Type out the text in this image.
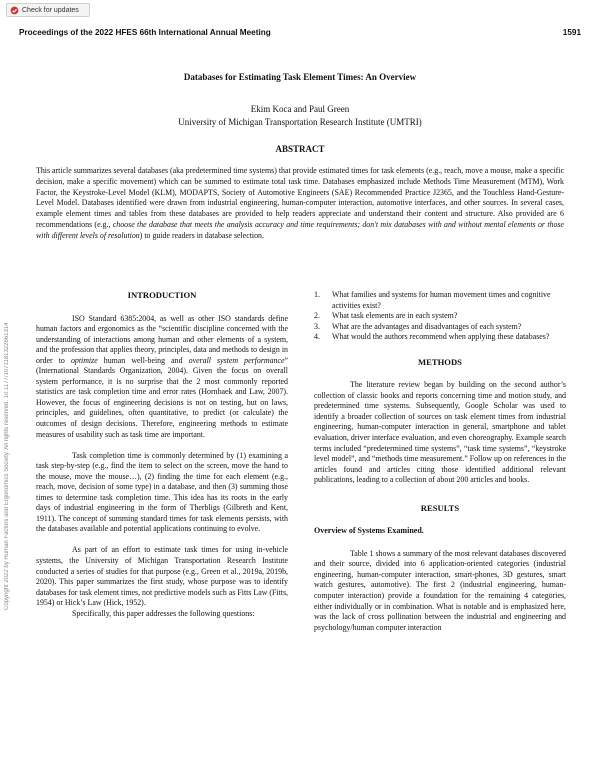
Check for updates
Proceedings of the 2022 HFES 66th International Annual Meeting	1591
Copyright 2022 by Human Factors and Ergonomics Society. All rights reserved. 10.1177/1071181322661314
Databases for Estimating Task Element Times: An Overview
Ekim Koca and Paul Green
University of Michigan Transportation Research Institute (UMTRI)
ABSTRACT
This article summarizes several databases (aka predetermined time systems) that provide estimated times for task elements (e.g., reach, move a mouse, make a specific decision, make a specific movement) which can be summed to estimate total task time. Databases emphasized include Methods Time Measurement (MTM), Work Factor, the Keystroke-Level Model (KLM), MODAPTS, Society of Automotive Engineers (SAE) Recommended Practice J2365, and the Touchless Hand-Gesture-Level Model. Databases identified were drawn from industrial engineering, human-computer interaction, automotive interfaces, and other sources. In several cases, example element times and tables from these databases are provided to help readers appreciate and understand their content and structure. Also provided are 6 recommendations (e.g., choose the database that meets the analysis accuracy and time requirements; don't mix databases with and without mental elements or those with different levels of resolution) to guide readers in database selection.
INTRODUCTION

ISO Standard 6385:2004, as well as other ISO standards define human factors and ergonomics as the “scientific discipline concerned with the understanding of interactions among human and other elements of a system, and the profession that applies theory, principles, data and methods to design in order to optimize human well-being and overall system performance” (International Standards Organization, 2004). Given the focus on overall system performance, it is no surprise that the 2 most commonly reported statistics are task completion time and error rates (Hornbaek and Law, 2007). However, the focus of engineering decisions is not on testing, but on laws, principles, and guidelines, often quantitative, to predict (or calculate) the outcomes of design decisions. Therefore, engineering methods to estimate measures of usability such as task time are important.

Task completion time is commonly determined by (1) examining a task step-by-step (e.g., find the item to select on the screen, move the hand to the mouse, move the mouse…), (2) finding the time for each element (e.g., reach, move, decision of some type) in a database, and then (3) summing those times to determine task completion time. This idea has its roots in the early days of industrial engineering in the form of Therbligs (Gilbreth and Kent, 1911). The concept of summing standard times for task elements persists, with the databases available and potential applications continuing to evolve.

As part of an effort to estimate task times for using in-vehicle systems, the University of Michigan Transportation Research Institute conducted a series of studies for that purpose (e.g., Green et al., 2019a, 2019b, 2020). This paper summarizes the first study, whose purpose was to identify databases for task element times, not predictive models such as Fitts Law (Fitts, 1954) or Hick’s Law (Hick, 1952).

Specifically, this paper addresses the following questions:

1.	What families and systems for human movement times and cognitive activities exist?
2.	What task elements are in each system?
3.	What are the advantages and disadvantages of each system?
4.	What would the authors recommend when applying these databases?
METHODS

The literature review began by building on the second author’s collection of classic books and reports concerning time and motion study, and predetermined time systems. Subsequently, Google Scholar was used to identify a broader collection of sources on task element times from industrial engineering, human-computer interaction in general, smartphone and tablet evaluation, driver interface evaluation, and even choreography. Example search terms included “predetermined time systems”, “task time systems”, “keystroke level model”, and “methods time measurement.” Follow up on references in the articles found and articles citing those identified additional relevant publications, leading to a collection of about 200 articles and books.

RESULTS
Overview of Systems Examined.

Table 1 shows a summary of the most relevant databases discovered and their source, divided into 6 application-oriented categories (industrial engineering, human-computer interaction, smart-phones, 3D gestures, smart watch gestures, automotive). The first 2 (industrial engineering, human-computer interaction) provide a foundation for the remaining 4 categories, either individually or in combination. What is notable and is emphasized here, was the lack of cross pollination between the industrial and engineering and psychology/human computer interaction
